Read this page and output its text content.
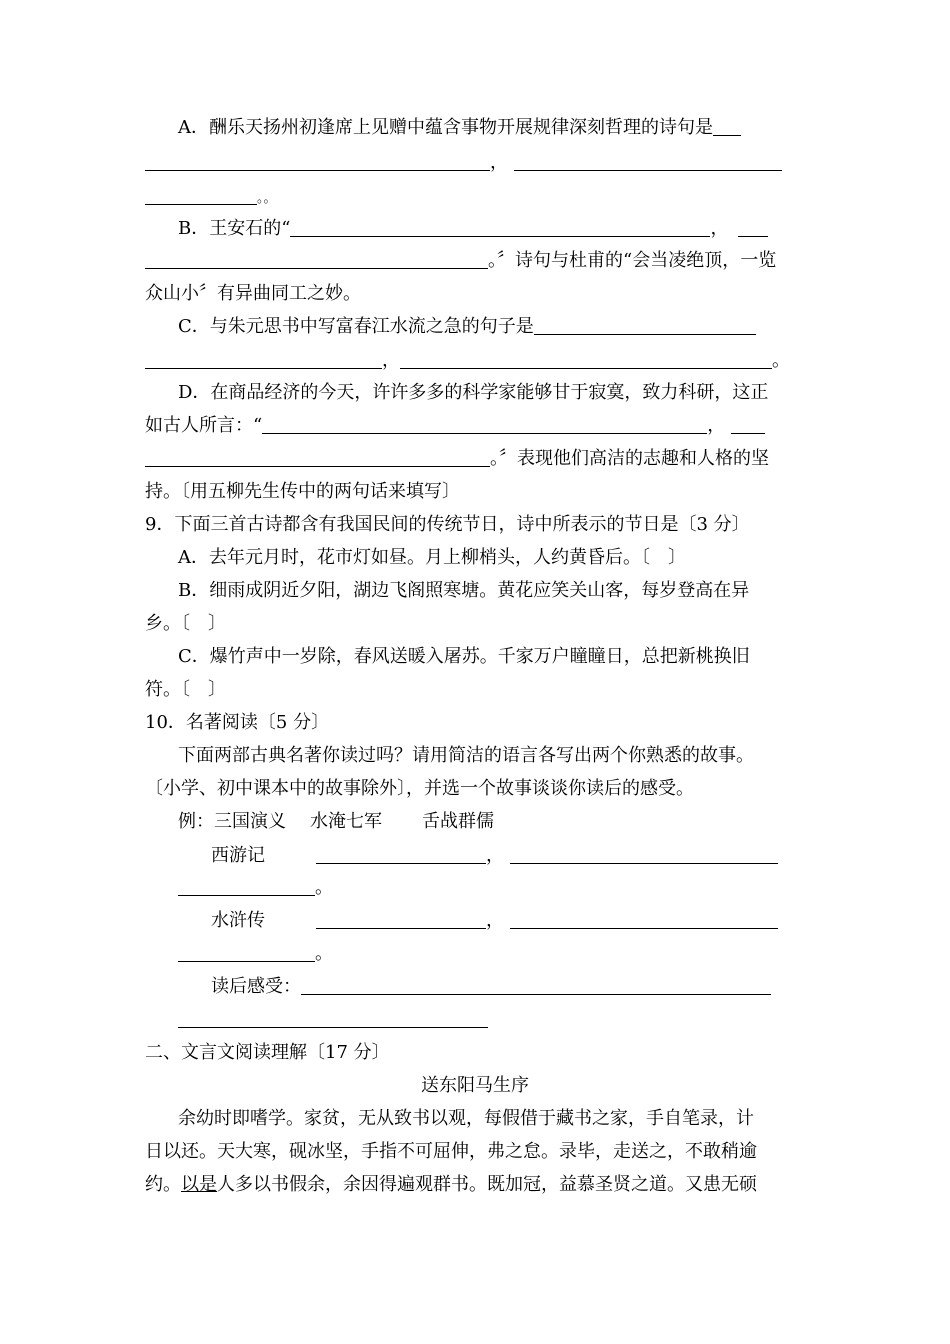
A．酬乐天扬州初逢席上见赠中蕴含事物开展规律深刻哲理的诗句是
，
。。
B．王安石的“	，
。〞诗句与杜甫的“会当凌绝顶，一览
众山小〞有异曲同工之妙。
C．与朱元思书中写富春江水流之急的句子是
，	。
D．在商品经济的今天，许许多多的科学家能够甘于寂寞，致力科研，这正
如古人所言：“	，
。〞表现他们高洁的志趣和人格的坚
持。〔用五柳先生传中的两句话来填写〕
9．下面三首古诗都含有我国民间的传统节日，诗中所表示的节日是〔3 分〕
A．去年元月时，花市灯如昼。月上柳梢头，人约黄昏后。〔　〕
B．细雨成阴近夕阳，湖边飞阁照寒塘。黄花应笑关山客，每岁登高在异
乡。〔　〕
C．爆竹声中一岁除，春风送暖入屠苏。千家万户瞳瞳日，总把新桃换旧
符。〔　〕
10．名著阅读〔5 分〕
下面两部古典名著你读过吗？请用简洁的语言各写出两个你熟悉的故事。
〔小学、初中课本中的故事除外〕，并选一个故事谈谈你读后的感受。
例：三国演义 水淹七军 舌战群儒
西游记	，
。
水浒传	，
。
读后感受：
二、文言文阅读理解〔17 分〕
送东阳马生序
余幼时即嗜学。家贫，无从致书以观，每假借于藏书之家，手自笔录，计
日以还。天大寒，砚冰坚，手指不可屈伸，弗之怠。录毕，走送之，不敢稍逾
约。以是人多以书假余，余因得遍观群书。既加冠，益慕圣贤之道。又患无硕
